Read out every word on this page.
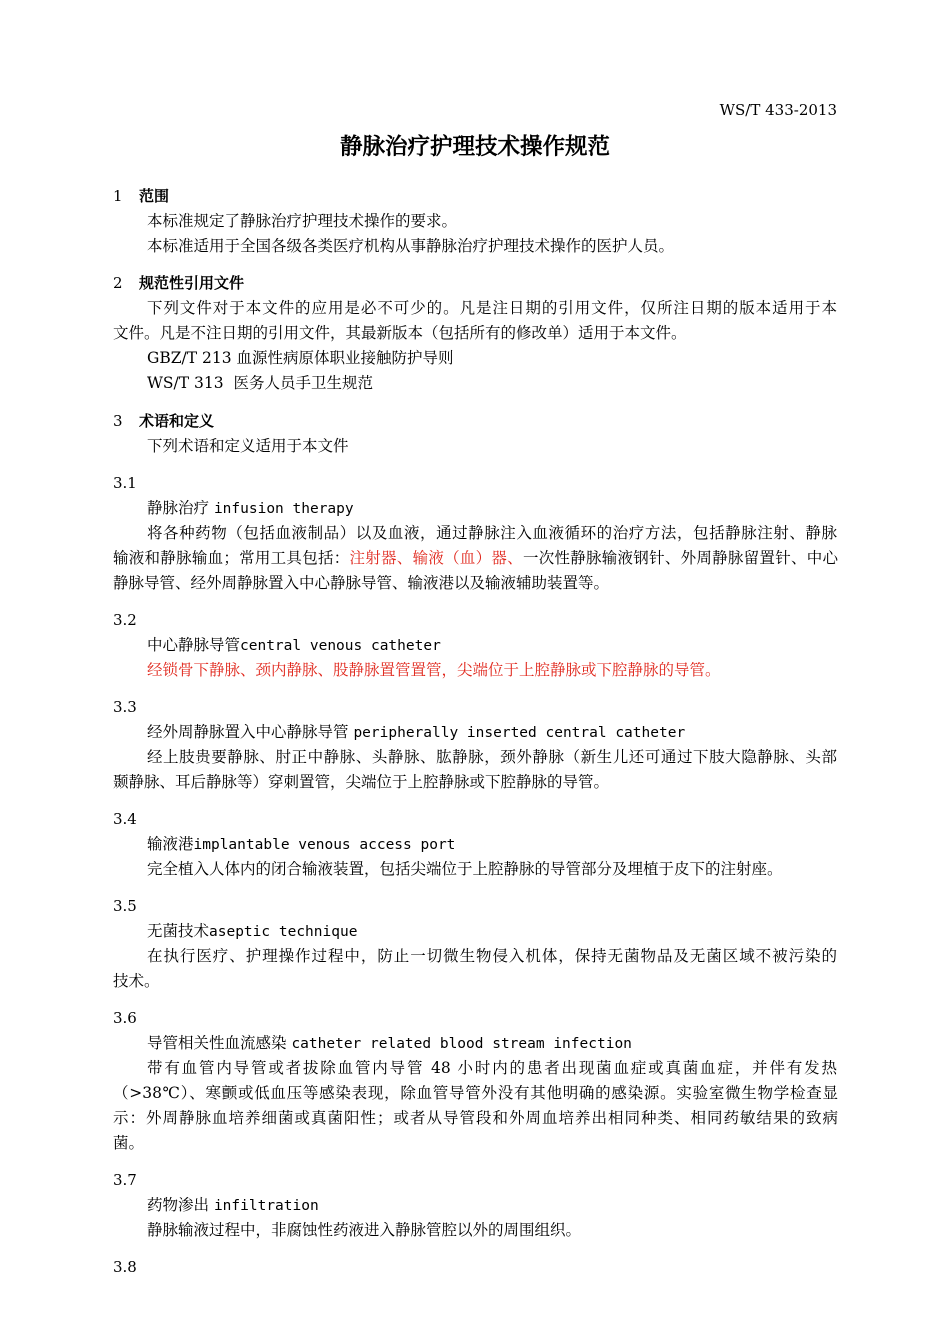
WS/T 433-2013
静脉治疗护理技术操作规范
1 范围
本标准规定了静脉治疗护理技术操作的要求。
本标准适用于全国各级各类医疗机构从事静脉治疗护理技术操作的医护人员。
2 规范性引用文件
下列文件对于本文件的应用是必不可少的。凡是注日期的引用文件，仅所注日期的版本适用于本
文件。凡是不注日期的引用文件，其最新版本（包括所有的修改单）适用于本文件。
GBZ/T 213 血源性病原体职业接触防护导则
WS/T 313  医务人员手卫生规范
3 术语和定义
下列术语和定义适用于本文件
3.1
静脉治疗 infusion therapy
将各种药物（包括血液制品）以及血液，通过静脉注入血液循环的治疗方法，包括静脉注射、静脉
输液和静脉输血；常用工具包括：注射器、输液（血）器、一次性静脉输液钢针、外周静脉留置针、中心
静脉导管、经外周静脉置入中心静脉导管、输液港以及输液辅助装置等。
3.2
中心静脉导管central venous catheter
经锁骨下静脉、颈内静脉、股静脉置管置管，尖端位于上腔静脉或下腔静脉的导管。
3.3
经外周静脉置入中心静脉导管 peripherally inserted central catheter
经上肢贵要静脉、肘正中静脉、头静脉、肱静脉，颈外静脉（新生儿还可通过下肢大隐静脉、头部
颞静脉、耳后静脉等）穿刺置管，尖端位于上腔静脉或下腔静脉的导管。
3.4
输液港implantable venous access port
完全植入人体内的闭合输液装置，包括尖端位于上腔静脉的导管部分及埋植于皮下的注射座。
3.5
无菌技术aseptic technique
在执行医疗、护理操作过程中，防止一切微生物侵入机体，保持无菌物品及无菌区域不被污染的
技术。
3.6
导管相关性血流感染 catheter related blood stream infection
带有血管内导管或者拔除血管内导管 48 小时内的患者出现菌血症或真菌血症，并伴有发热
（>38℃）、寒颤或低血压等感染表现，除血管导管外没有其他明确的感染源。实验室微生物学检查显
示：外周静脉血培养细菌或真菌阳性；或者从导管段和外周血培养出相同种类、相同药敏结果的致病
菌。
3.7
药物渗出 infiltration
静脉输液过程中，非腐蚀性药液进入静脉管腔以外的周围组织。
3.8
